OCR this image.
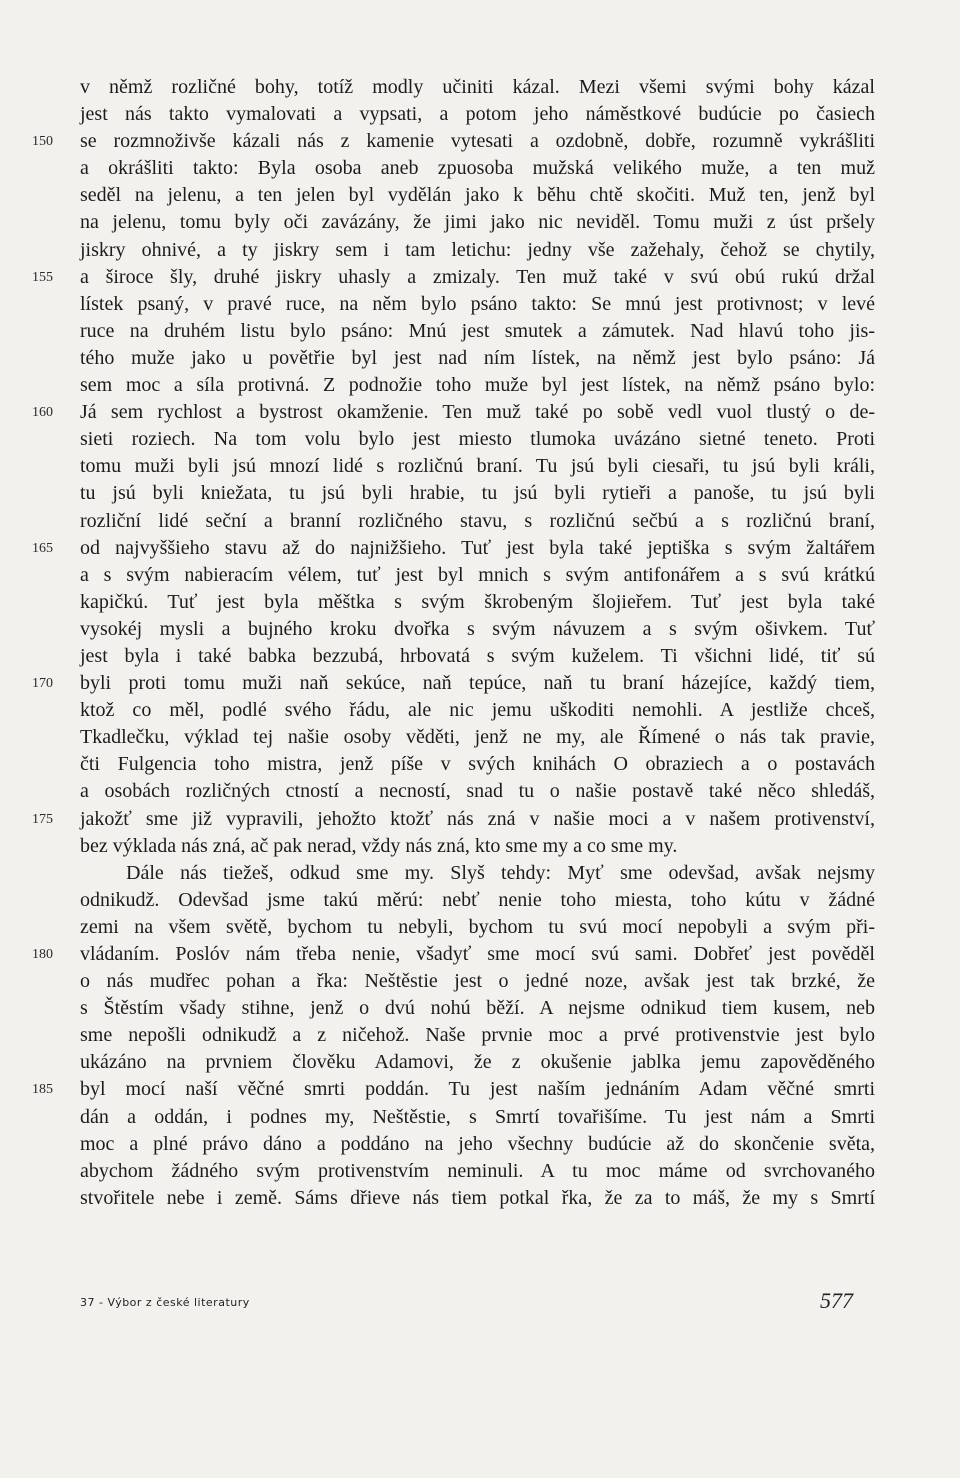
v němž rozličné bohy, totíž modly učiniti kázal. Mezi všemi svými bohy kázal
jest nás takto vymalovati a vypsati, a potom jeho náměstkové budúcie po časiech
se rozmnoživše kázali nás z kamenie vytesati a ozdobně, dobře, rozumně vykrášliti
150
a okrášliti takto: Byla osoba aneb zpuosoba mužská velikého muže, a ten muž
seděl na jelenu, a ten jelen byl vydělán jako k běhu chtě skočiti. Muž ten, jenž byl
na jelenu, tomu byly oči zavázány, že jimi jako nic neviděl. Tomu muži z úst pršely
jiskry ohnivé, a ty jiskry sem i tam letichu: jedny vše zažehaly, čehož se chytily,
a široce šly, druhé jiskry uhasly a zmizaly. Ten muž také v svú obú rukú držal
155
lístek psaný, v pravé ruce, na něm bylo psáno takto: Se mnú jest protivnost; v levé
ruce na druhém listu bylo psáno: Mnú jest smutek a zámutek. Nad hlavú toho jis-
tého muže jako u povětřie byl jest nad ním lístek, na němž jest bylo psáno: Já
sem moc a síla protivná. Z podnožie toho muže byl jest lístek, na němž psáno bylo:
Já sem rychlost a bystrost okamženie. Ten muž také po sobě vedl vuol tlustý o de-
160
sieti roziech. Na tom volu bylo jest miesto tlumoka uvázáno sietné teneto. Proti
tomu muži byli jsú mnozí lidé s rozličnú braní. Tu jsú byli ciesaři, tu jsú byli králi,
tu jsú byli kniežata, tu jsú byli hrabie, tu jsú byli rytieři a panoše, tu jsú byli
rozliční lidé seční a branní rozličného stavu, s rozličnú sečbú a s rozličnú braní,
od najvyššieho stavu až do najnižšieho. Tuť jest byla také jeptiška s svým žaltářem
165
a s svým nabieracím vélem, tuť jest byl mnich s svým antifonářem a s svú krátkú
kapičkú. Tuť jest byla měštka s svým škrobeným šlojieřem. Tuť jest byla také
vysokéj mysli a bujného kroku dvořka s svým návuzem a s svým ošivkem. Tuť
jest byla i také babka bezzubá, hrbovatá s svým kuželem. Ti všichni lidé, tiť sú
byli proti tomu muži naň sekúce, naň tepúce, naň tu braní házejíce, každý tiem,
170
ktož co měl, podlé svého řádu, ale nic jemu uškoditi nemohli. A jestliže chceš,
Tkadlečku, výklad tej našie osoby věděti, jenž ne my, ale Římené o nás tak pravie,
čti Fulgencia toho mistra, jenž píše v svých knihách O obraziech a o postavách
a osobách rozličných ctností a necností, snad tu o našie postavě také něco shledáš,
jakožť sme již vypravili, jehožto ktožť nás zná v našie moci a v našem protivenství,
175
bez výklada nás zná, ač pak nerad, vždy nás zná, kto sme my a co sme my.
Dále nás tiežeš, odkud sme my. Slyš tehdy: Myť sme odevšad, avšak nejsmy
odnikudž. Odevšad jsme takú měrú: nebť nenie toho miesta, toho kútu v žádné
zemi na všem světě, bychom tu nebyli, bychom tu svú mocí nepobyli a svým při-
vládaním. Poslóv nám třeba nenie, všadyť sme mocí svú sami. Dobřeť jest pověděl
180
o nás mudřec pohan a řka: Neštěstie jest o jedné noze, avšak jest tak brzké, že
s Štěstím všady stihne, jenž o dvú nohú běží. A nejsme odnikud tiem kusem, neb
sme nepošli odnikudž a z ničehož. Naše prvnie moc a prvé protivenstvie jest bylo
ukázáno na prvniem člověku Adamovi, že z okušenie jablka jemu zapověděného
byl mocí naší věčné smrti poddán. Tu jest naším jednáním Adam věčné smrti
185
dán a oddán, i podnes my, Neštěstie, s Smrtí tovařišíme. Tu jest nám a Smrti
moc a plné právo dáno a poddáno na jeho všechny budúcie až do skončenie světa,
abychom žádného svým protivenstvím neminuli. A tu moc máme od svrchovaného
stvořitele nebe i země. Sáms dřieve nás tiem potkal řka, že za to máš, že my s Smrtí
37 - Výbor z české literatury	577
